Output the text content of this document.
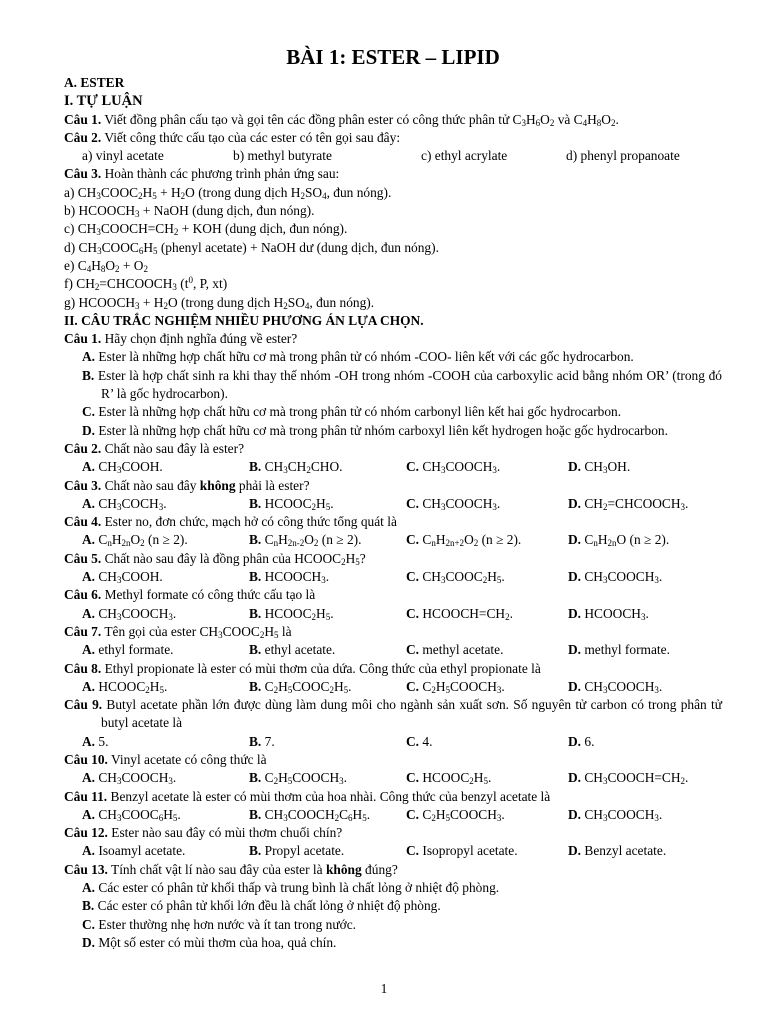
BÀI 1: ESTER – LIPID
A. ESTER
I. TỰ LUẬN
Câu 1. Viết đồng phân cấu tạo và gọi tên các đồng phân ester có công thức phân tử $C_3H_6O_2$ và $C_4H_8O_2$.
Câu 2. Viết công thức cấu tạo của các ester có tên gọi sau đây:
a) vinyl acetate	b) methyl butyrate	c) ethyl acrylate	d) phenyl propanoate
Câu 3. Hoàn thành các phương trình phản ứng sau:
a) $CH_3COOC_2H_5 + H_2O$ (trong dung dịch $H_2SO_4$, đun nóng).
b) $HCOOCH_3$ + NaOH (dung dịch, đun nóng).
c) $CH_3COOCH=CH_2$ + KOH (dung dịch, đun nóng).
d) $CH_3COOC_6H_5$ (phenyl acetate) + NaOH dư (dung dịch, đun nóng).
e) $C_4H_8O_2 + O_2$
f) $CH_2=CHCOOCH_3$ ($t^0$, P, xt)
g) $HCOOCH_3 + H_2O$ (trong dung dịch $H_2SO_4$, đun nóng).
II. CÂU TRẮC NGHIỆM NHIỀU PHƯƠNG ÁN LỰA CHỌN.
Câu 1. Hãy chọn định nghĩa đúng về ester?
A. Ester là những hợp chất hữu cơ mà trong phân tử có nhóm -COO- liên kết với các gốc hydrocarbon.
B. Ester là hợp chất sinh ra khi thay thế nhóm -OH trong nhóm -COOH của carboxylic acid bằng nhóm OR’ (trong đó R’ là gốc hydrocarbon).
C. Ester là những hợp chất hữu cơ mà trong phân tử có nhóm carbonyl liên kết hai gốc hydrocarbon.
D. Ester là những hợp chất hữu cơ mà trong phân tử nhóm carboxyl liên kết hydrogen hoặc gốc hydrocarbon.
Câu 2. Chất nào sau đây là ester?
A. $CH_3COOH$.	B. $CH_3CH_2CHO$.	C. $CH_3COOCH_3$.	D. $CH_3OH$.
Câu 3. Chất nào sau đây không phải là ester?
A. $CH_3COCH_3$.	B. $HCOOC_2H_5$.	C. $CH_3COOCH_3$.	D. $CH_2=CHCOOCH_3$.
Câu 4. Ester no, đơn chức, mạch hở có công thức tổng quát là
A. $C_nH_{2n}O_2$ (n ≥ 2).	B. $C_nH_{2n-2}O_2$ (n ≥ 2).	C. $C_nH_{2n+2}O_2$ (n ≥ 2).	D. $C_nH_{2n}O$ (n ≥ 2).
Câu 5. Chất nào sau đây là đồng phân của $HCOOC_2H_5$?
A. $CH_3COOH$.	B. $HCOOCH_3$.	C. $CH_3COOC_2H_5$.	D. $CH_3COOCH_3$.
Câu 6. Methyl formate có công thức cấu tạo là
A. $CH_3COOCH_3$.	B. $HCOOC_2H_5$.	C. $HCOOCH=CH_2$.	D. $HCOOCH_3$.
Câu 7. Tên gọi của ester $CH_3COOC_2H_5$ là
A. ethyl formate.	B. ethyl acetate.	C. methyl acetate.	D. methyl formate.
Câu 8. Ethyl propionate là ester có mùi thơm của dứa. Công thức của ethyl propionate là
A. $HCOOC_2H_5$.	B. $C_2H_5COOC_2H_5$.	C. $C_2H_5COOCH_3$.	D. $CH_3COOCH_3$.
Câu 9. Butyl acetate phần lớn được dùng làm dung môi cho ngành sản xuất sơn. Số nguyên tử carbon có trong phân tử butyl acetate là
A. 5.	B. 7.	C. 4.	D. 6.
Câu 10. Vinyl acetate có công thức là
A. $CH_3COOCH_3$.	B. $C_2H_5COOCH_3$.	C. $HCOOC_2H_5$.	D. $CH_3COOCH=CH_2$.
Câu 11. Benzyl acetate là ester có mùi thơm của hoa nhài. Công thức của benzyl acetate là
A. $CH_3COOC_6H_5$.	B. $CH_3COOCH_2C_6H_5$.	C. $C_2H_5COOCH_3$.	D. $CH_3COOCH_3$.
Câu 12. Ester nào sau đây có mùi thơm chuối chín?
A. Isoamyl acetate.	B. Propyl acetate.	C. Isopropyl acetate.	D. Benzyl acetate.
Câu 13. Tính chất vật lí nào sau đây của ester là không đúng?
A. Các ester có phân tử khối thấp và trung bình là chất lỏng ở nhiệt độ phòng.
B. Các ester có phân tử khối lớn đều là chất lỏng ở nhiệt độ phòng.
C. Ester thường nhẹ hơn nước và ít tan trong nước.
D. Một số ester có mùi thơm của hoa, quả chín.
1
